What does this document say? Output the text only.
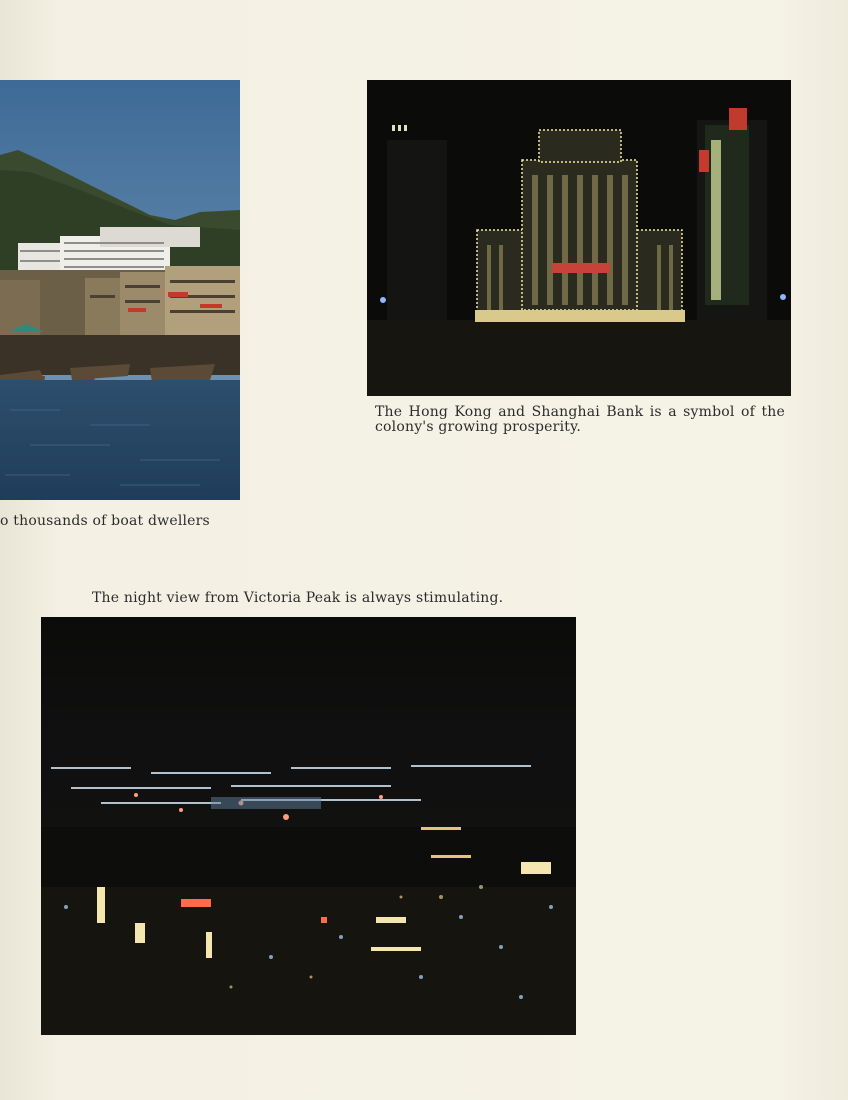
The Hong Kong and Shanghai Bank is a symbol of the colony's growing prosperity.
o thousands of boat dwellers
The night view from Victoria Peak is always stimulating.
